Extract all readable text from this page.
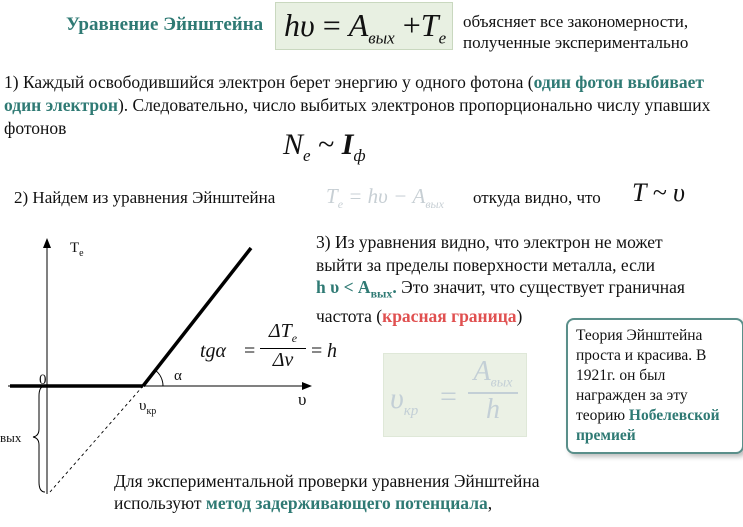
Уравнение Эйнштейна $h\upsilon = A_{вых} +T_e$
объясняет все закономерности,
полученные экспериментально
1) Каждый освободившийся электрон берет энергию у одного фотона (один фотон выбивает один электрон). Следовательно, число выбитых электронов пропорционально числу упавших фотонов	$N_e$ ~ $I_ф$
2) Найдем из уравнения Эйнштейна $T_e = h\upsilon - A_{вых}$ откуда видно, что T ~ υ
3) Из уравнения видно, что электрон не может
выйти за пределы поверхности металла, если
h $\upsilon < A_{вых}$. Это значит, что существует граничная
частота (красная граница)
$T_e$
0
υ
$\upsilon_{кр}$
α
вых
tgα =
$\Delta T_e$
Δν = h
$\upsilon_{кр}$ =
$A_{вых}$
h
Теория Эйнштейна проста и красива. В 1921г. он был награжден за эту теорию Нобелевской премией
Для экспериментальной проверки уравнения Эйнштейна
используют метод задерживающего потенциала,
